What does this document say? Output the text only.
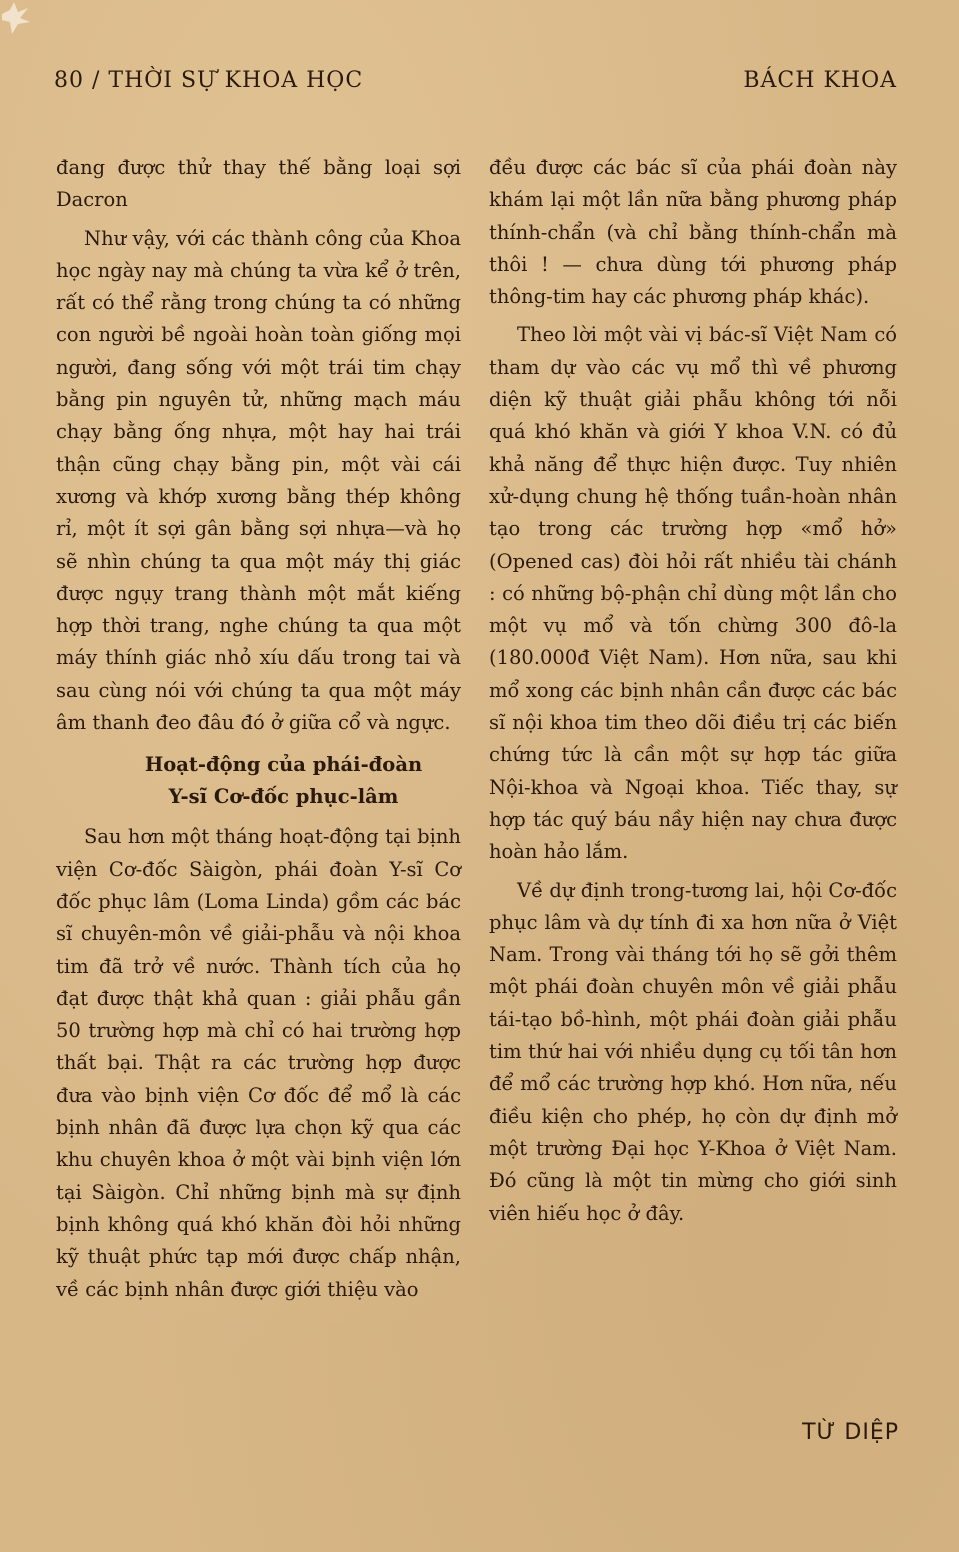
80 / THỜI SỰ KHOA HỌC	BÁCH KHOA

đang được thử thay thế bằng loại sợi Dacron

Như vậy, với các thành công của Khoa học ngày nay mà chúng ta vừa kể ở trên, rất có thể rằng trong chúng ta có những con người bề ngoài hoàn toàn giống mọi người, đang sống với một trái tim chạy bằng pin nguyên tử, những mạch máu chạy bằng ống nhựa, một hay hai trái thận cũng chạy bằng pin, một vài cái xương và khớp xương bằng thép không rỉ, một ít sợi gân bằng sợi nhựa—và họ sẽ nhìn chúng ta qua một máy thị giác được ngụy trang thành một mắt kiếng hợp thời trang, nghe chúng ta qua một máy thính giác nhỏ xíu dấu trong tai và sau cùng nói với chúng ta qua một máy âm thanh đeo đâu đó ở giữa cổ và ngực.

Hoạt-động của phái-đoàn
Y-sĩ Cơ-đốc phục-lâm

Sau hơn một tháng hoạt-động tại bịnh viện Cơ-đốc Sàigòn, phái đoàn Y-sĩ Cơ đốc phục lâm (Loma Linda) gồm các bác sĩ chuyên-môn về giải-phẫu và nội khoa tim đã trở về nước. Thành tích của họ đạt được thật khả quan : giải phẫu gần 50 trường hợp mà chỉ có hai trường hợp thất bại. Thật ra các trường hợp được đưa vào bịnh viện Cơ đốc để mổ là các bịnh nhân đã được lựa chọn kỹ qua các khu chuyên khoa ở một vài bịnh viện lớn tại Sàigòn. Chỉ những bịnh mà sự định bịnh không quá khó khăn đòi hỏi những kỹ thuật phức tạp mới được chấp nhận, về các bịnh nhân được giới thiệu vào

đều được các bác sĩ của phái đoàn này khám lại một lần nữa bằng phương pháp thính-chẩn (và chỉ bằng thính-chẩn mà thôi ! — chưa dùng tới phương pháp thông-tim hay các phương pháp khác).

Theo lời một vài vị bác-sĩ Việt Nam có tham dự vào các vụ mổ thì về phương diện kỹ thuật giải phẫu không tới nỗi quá khó khăn và giới Y khoa V.N. có đủ khả năng để thực hiện được. Tuy nhiên xử-dụng chung hệ thống tuần-hoàn nhân tạo trong các trường hợp «mổ hở» (Opened cas) đòi hỏi rất nhiều tài chánh : có những bộ-phận chỉ dùng một lần cho một vụ mổ và tốn chừng 300 đô-la (180.000đ Việt Nam). Hơn nữa, sau khi mổ xong các bịnh nhân cần được các bác sĩ nội khoa tim theo dõi điều trị các biến chứng tức là cần một sự hợp tác giữa Nội-khoa và Ngoại khoa. Tiếc thay, sự hợp tác quý báu nầy hiện nay chưa được hoàn hảo lắm.

Về dự định trong-tương lai, hội Cơ-đốc phục lâm và dự tính đi xa hơn nữa ở Việt Nam. Trong vài tháng tới họ sẽ gởi thêm một phái đoàn chuyên môn về giải phẫu tái-tạo bồ-hình, một phái đoàn giải phẫu tim thứ hai với nhiều dụng cụ tối tân hơn để mổ các trường hợp khó. Hơn nữa, nếu điều kiện cho phép, họ còn dự định mở một trường Đại học Y-Khoa ở Việt Nam. Đó cũng là một tin mừng cho giới sinh viên hiếu học ở đây.

TỪ DIỆP
